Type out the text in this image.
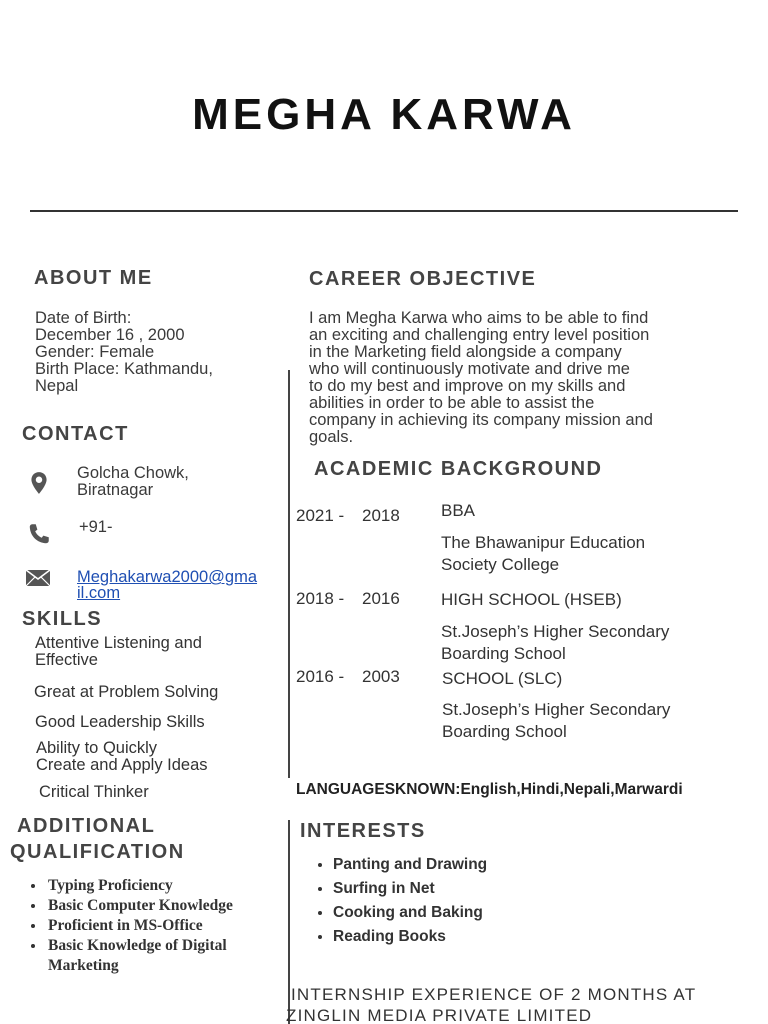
MEGHA KARWA
ABOUT ME
Date of Birth:
December 16 , 2000
Gender: Female
Birth Place: Kathmandu,
Nepal
CONTACT
Golcha Chowk,
Biratnagar
+91-
Meghakarwa2000@gma
il.com
SKILLS
Attentive Listening and
Effective
Great at Problem Solving
Good Leadership Skills
Ability to Quickly
Create and Apply Ideas
Critical Thinker
ADDITIONAL
QUALIFICATION
• Typing Proficiency
• Basic Computer Knowledge
• Proficient in MS-Office
• Basic Knowledge of Digital Marketing
CAREER OBJECTIVE
I am Megha Karwa who aims to be able to find
an exciting and challenging entry level position
in the Marketing field alongside a company
who will continuously motivate and drive me
to do my best and improve on my skills and
abilities in order to be able to assist the
company in achieving its company mission and
goals.
ACADEMIC BACKGROUND
2021 - 2018 BBA
The Bhawanipur Education
Society College
2018 - 2016 HIGH SCHOOL (HSEB)
St.Joseph’s Higher Secondary
Boarding School
2016 - 2003 SCHOOL (SLC)
St.Joseph’s Higher Secondary
Boarding School
LANGUAGESKNOWN:English,Hindi,Nepali,Marwardi
INTERESTS
• Panting and Drawing
• Surfing in Net
• Cooking and Baking
• Reading Books
INTERNSHIP EXPERIENCE OF 2 MONTHS AT
ZINGLIN MEDIA PRIVATE LIMITED
